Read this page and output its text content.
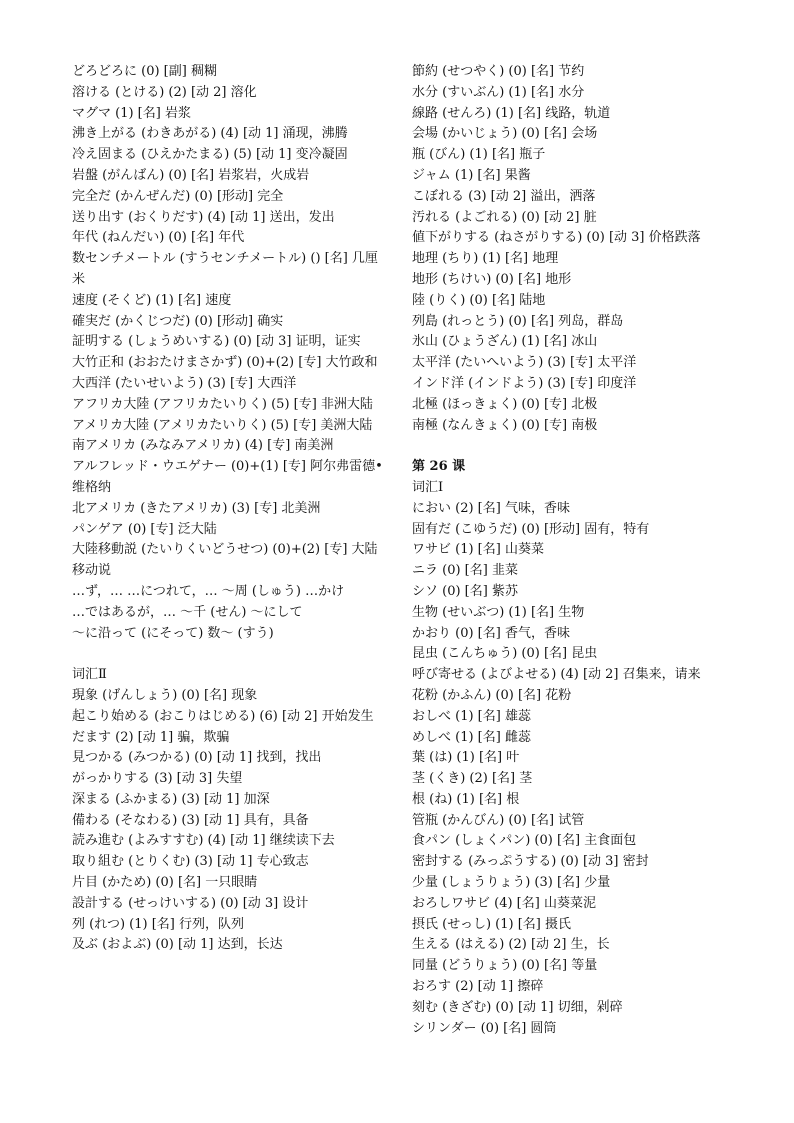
どろどろに (0) [副] 稠糊
溶ける (とける) (2) [动 2] 溶化
マグマ (1) [名] 岩浆
沸き上がる (わきあがる) (4) [动 1] 涌现，沸腾
冷え固まる (ひえかたまる) (5) [动 1] 变冷凝固
岩盤 (がんばん) (0) [名] 岩浆岩，火成岩
完全だ (かんぜんだ) (0) [形动] 完全
送り出す (おくりだす) (4) [动 1] 送出，发出
年代 (ねんだい) (0) [名] 年代
数センチメートル (すうセンチメートル) () [名] 几厘米
速度 (そくど) (1) [名] 速度
確実だ (かくじつだ) (0) [形动] 确实
証明する (しょうめいする) (0) [动 3] 证明，证实
大竹正和 (おおたけまさかず) (0)+(2) [专] 大竹政和
大西洋 (たいせいよう) (3) [专] 大西洋
アフリカ大陸 (アフリカたいりく) (5) [专] 非洲大陆
アメリカ大陸 (アメリカたいりく) (5) [专] 美洲大陆
南アメリカ (みなみアメリカ) (4) [专] 南美洲
アルフレッド・ウエゲナー (0)+(1) [专] 阿尔弗雷德•维格纳
北アメリカ (きたアメリカ) (3) [专] 北美洲
パンゲア (0) [专] 泛大陆
大陸移動説 (たいりくいどうせつ) (0)+(2) [专] 大陆移动说
…ず，… …につれて，… ～周 (しゅう) …かけ
…ではあるが，… ～千 (せん) ～にして
～に沿って (にそって) 数～ (すう)
词汇Ⅱ
現象 (げんしょう) (0) [名] 现象
起こり始める (おこりはじめる) (6) [动 2] 开始发生
だます (2) [动 1] 骗，欺骗
見つかる (みつかる) (0) [动 1] 找到，找出
がっかりする (3) [动 3] 失望
深まる (ふかまる) (3) [动 1] 加深
備わる (そなわる) (3) [动 1] 具有，具备
読み進む (よみすすむ) (4) [动 1] 继续读下去
取り組む (とりくむ) (3) [动 1] 专心致志
片目 (かため) (0) [名] 一只眼睛
設計する (せっけいする) (0) [动 3] 设计
列 (れつ) (1) [名] 行列，队列
及ぶ (およぶ) (0) [动 1] 达到，长达
節約 (せつやく) (0) [名] 节约
水分 (すいぶん) (1) [名] 水分
線路 (せんろ) (1) [名] 线路，轨道
会場 (かいじょう) (0) [名] 会场
瓶 (びん) (1) [名] 瓶子
ジャム (1) [名] 果酱
こぼれる (3) [动 2] 溢出，洒落
汚れる (よごれる) (0) [动 2] 脏
値下がりする (ねさがりする) (0) [动 3] 价格跌落
地理 (ちり) (1) [名] 地理
地形 (ちけい) (0) [名] 地形
陸 (りく) (0) [名] 陆地
列島 (れっとう) (0) [名] 列岛，群岛
氷山 (ひょうざん) (1) [名] 冰山
太平洋 (たいへいよう) (3) [专] 太平洋
インド洋 (インドよう) (3) [专] 印度洋
北極 (ほっきょく) (0) [专] 北极
南極 (なんきょく) (0) [专] 南极
第 26 课
词汇Ⅰ
におい (2) [名] 气味，香味
固有だ (こゆうだ) (0) [形动] 固有，特有
ワサビ (1) [名] 山葵菜
ニラ (0) [名] 韭菜
シソ (0) [名] 紫苏
生物 (せいぶつ) (1) [名] 生物
かおり (0) [名] 香气，香味
昆虫 (こんちゅう) (0) [名] 昆虫
呼び寄せる (よびよせる) (4) [动 2] 召集来，请来
花粉 (かふん) (0) [名] 花粉
おしべ (1) [名] 雄蕊
めしべ (1) [名] 雌蕊
葉 (は) (1) [名] 叶
茎 (くき) (2) [名] 茎
根 (ね) (1) [名] 根
管瓶 (かんびん) (0) [名] 试管
食パン (しょくパン) (0) [名] 主食面包
密封する (みっぷうする) (0) [动 3] 密封
少量 (しょうりょう) (3) [名] 少量
おろしワサビ (4) [名] 山葵菜泥
摂氏 (せっし) (1) [名] 摄氏
生える (はえる) (2) [动 2] 生，长
同量 (どうりょう) (0) [名] 等量
おろす (2) [动 1] 擦碎
刻む (きざむ) (0) [动 1] 切细，剁碎
シリンダー (0) [名] 圆筒
